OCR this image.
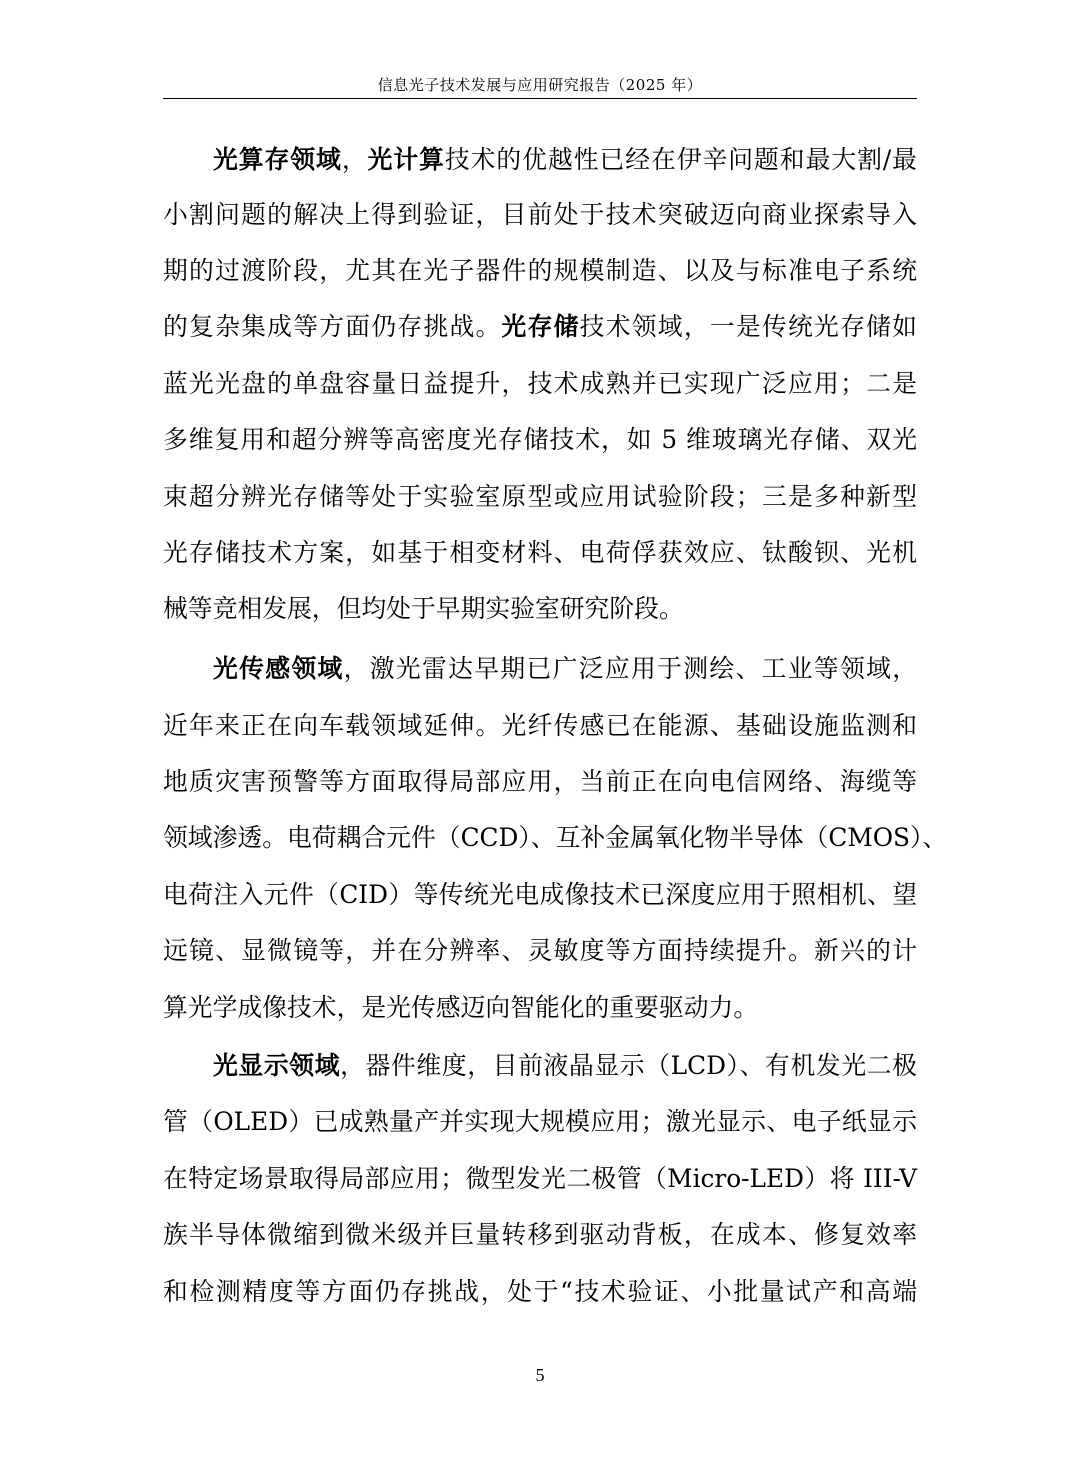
信息光子技术发展与应用研究报告（2025 年）
光算存领域，光计算技术的优越性已经在伊辛问题和最大割/最
小割问题的解决上得到验证，目前处于技术突破迈向商业探索导入
期的过渡阶段，尤其在光子器件的规模制造、以及与标准电子系统
的复杂集成等方面仍存挑战。光存储技术领域，一是传统光存储如
蓝光光盘的单盘容量日益提升，技术成熟并已实现广泛应用；二是
多维复用和超分辨等高密度光存储技术，如 5 维玻璃光存储、双光
束超分辨光存储等处于实验室原型或应用试验阶段；三是多种新型
光存储技术方案，如基于相变材料、电荷俘获效应、钛酸钡、光机
械等竞相发展，但均处于早期实验室研究阶段。
光传感领域，激光雷达早期已广泛应用于测绘、工业等领域，
近年来正在向车载领域延伸。光纤传感已在能源、基础设施监测和
地质灾害预警等方面取得局部应用，当前正在向电信网络、海缆等
领域渗透。电荷耦合元件（CCD）、互补金属氧化物半导体（CMOS）、
电荷注入元件（CID）等传统光电成像技术已深度应用于照相机、望
远镜、显微镜等，并在分辨率、灵敏度等方面持续提升。新兴的计
算光学成像技术，是光传感迈向智能化的重要驱动力。
光显示领域，器件维度，目前液晶显示（LCD）、有机发光二极
管（OLED）已成熟量产并实现大规模应用；激光显示、电子纸显示
在特定场景取得局部应用；微型发光二极管（Micro-LED）将 III-V
族半导体微缩到微米级并巨量转移到驱动背板，在成本、修复效率
和检测精度等方面仍存挑战，处于“技术验证、小批量试产和高端
5
